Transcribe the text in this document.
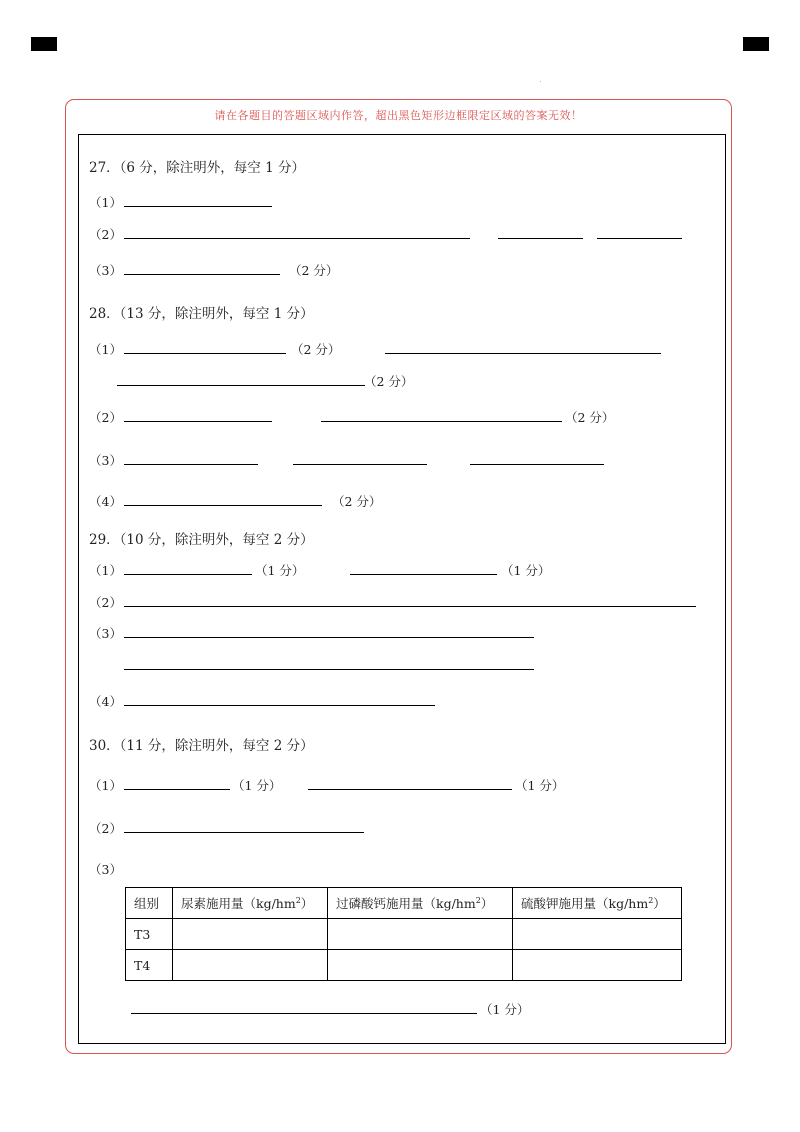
请在各题目的答题区域内作答，超出黑色矩形边框限定区域的答案无效！
27．（6 分，除注明外，每空 1 分）
（1）
（2）
（3）	（2 分）
28．（13 分，除注明外，每空 1 分）
（1）	（2 分）
（2 分）
（2）	（2 分）
（3）
（4）	（2 分）
29．（10 分，除注明外，每空 2 分）
（1）	（1 分）	（1 分）
（2）
（3）
（4）
30．（11 分，除注明外，每空 2 分）
（1）	（1 分）	（1 分）
（2）
（3）
组别	尿素施用量$(kg/hm^2)$	过磷酸钙施用量$(kg/hm^2)$	硫酸钾施用量$(kg/hm^2)$
T3			
T4			
（1 分）
